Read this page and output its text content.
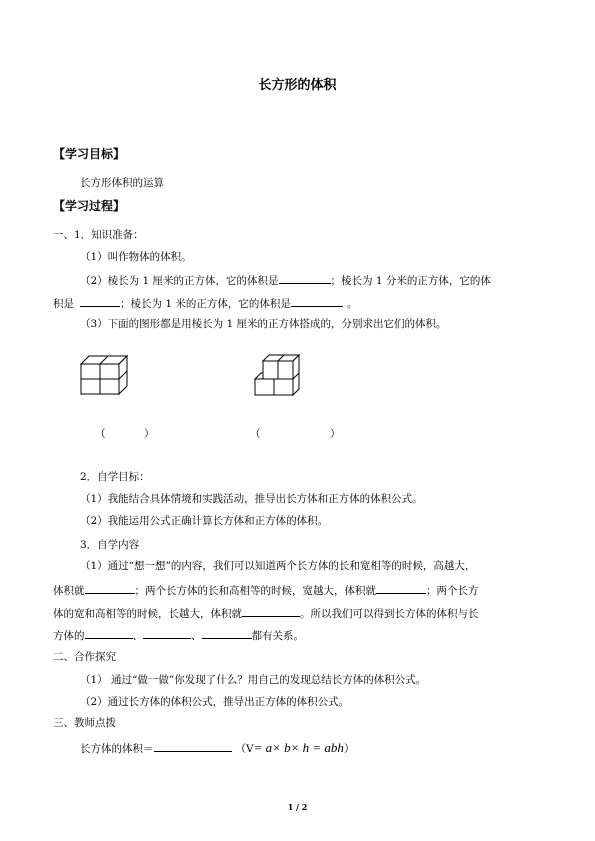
长方形的体积
【学习目标】
长方形体积的运算
【学习过程】
一、1．知识准备：
（1）叫作物体的体积。
（2）棱长为 1 厘米的正方体，它的体积是	；棱长为 1 分米的正方体，它的体
积是	；棱长为 1 米的正方体，它的体积是	。
（3）下面的图形都是用棱长为 1 厘米的正方体搭成的，分别求出它们的体积。
（	）	（	）
2．自学目标：
（1）我能结合具体情境和实践活动，推导出长方体和正方体的体积公式。
（2）我能运用公式正确计算长方体和正方体的体积。
3．自学内容
（1）通过“想一想”的内容，我们可以知道两个长方体的长和宽相等的时候，高越大，
体积就	；两个长方体的长和高相等的时候，宽越大，体积就	；两个长方
体的宽和高相等的时候，长越大，体积就	。所以我们可以得到长方体的体积与长
方体的	、	、	都有关系。
二、合作探究
（1） 通过“做一做”你发现了什么？用自己的发现总结长方体的体积公式。
（2）通过长方体的体积公式，推导出正方体的体积公式。
三、教师点拨
长方体的体积＝	（V= a× b× h = abh）
1 / 2
